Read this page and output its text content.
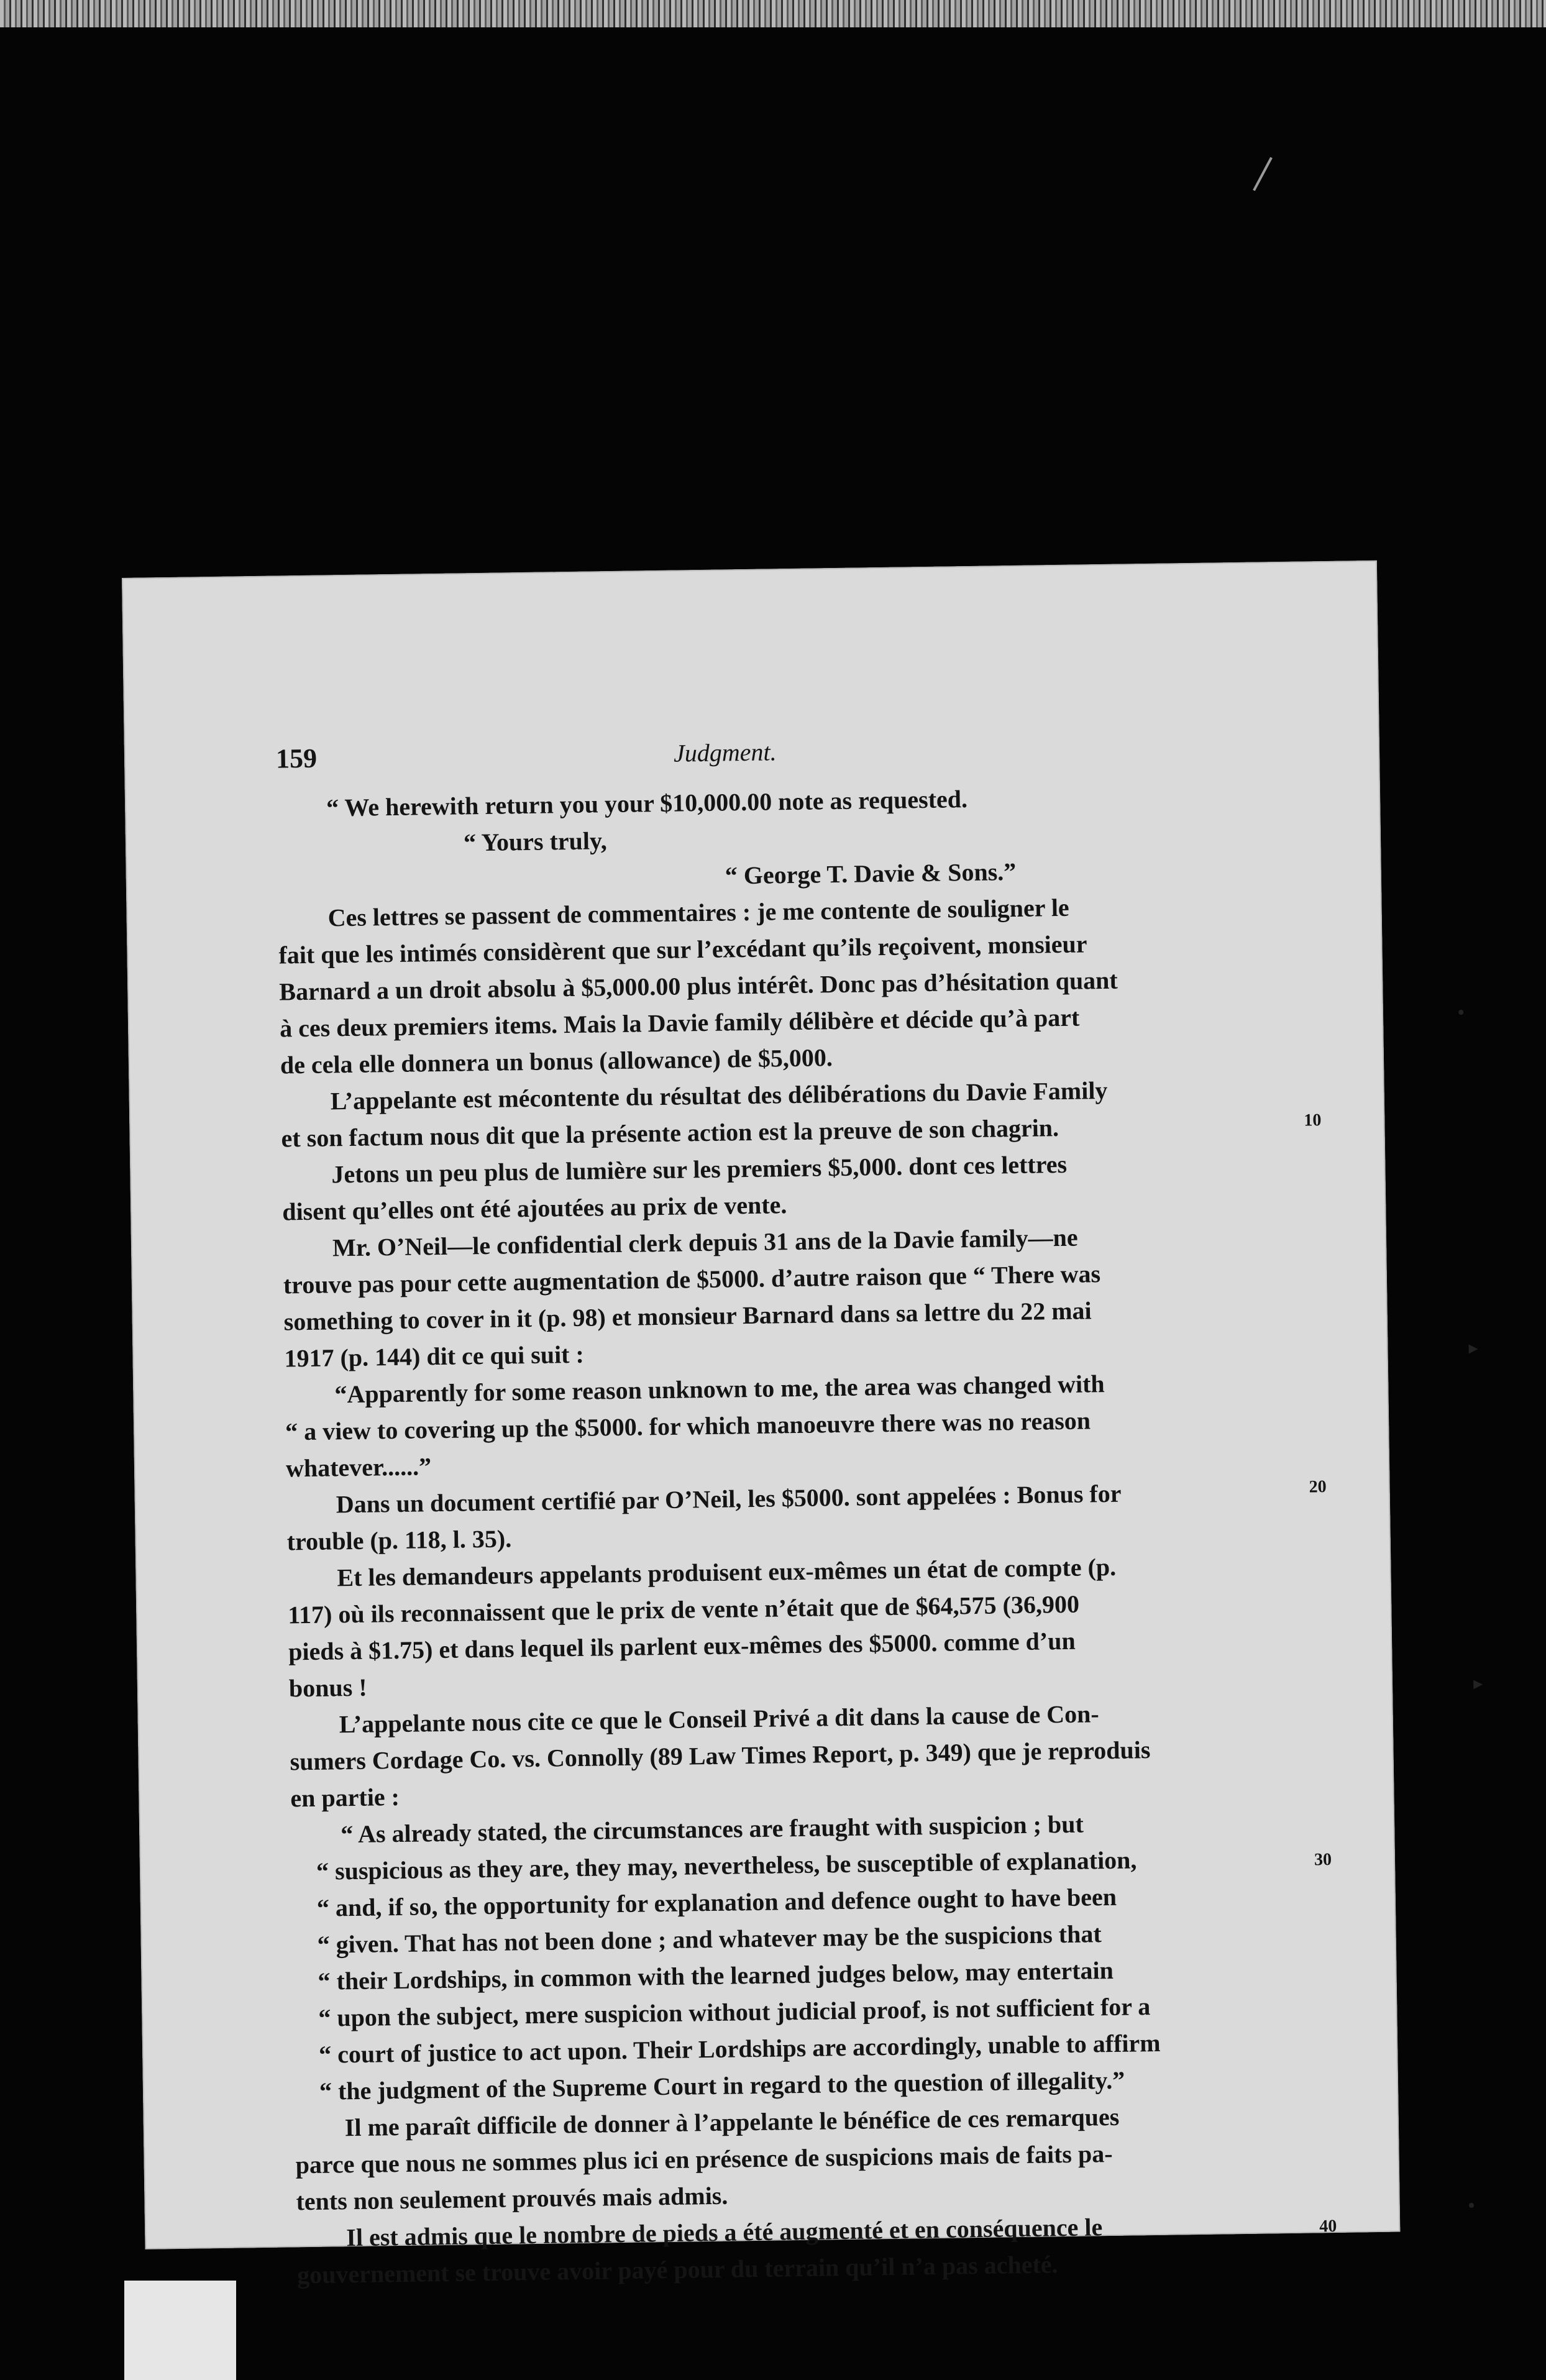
159	Judgment.
“ We herewith return you your $10,000.00 note as requested.
“ Yours truly,
“ George T. Davie & Sons.”
Ces lettres se passent de commentaires : je me contente de souligner le
fait que les intimés considèrent que sur l’excédant qu’ils reçoivent, monsieur
Barnard a un droit absolu à $5,000.00 plus intérêt. Donc pas d’hésitation quant
à ces deux premiers items. Mais la Davie family délibère et décide qu’à part
de cela elle donnera un bonus (allowance) de $5,000.
L’appelante est mécontente du résultat des délibérations du Davie Family
et son factum nous dit que la présente action est la preuve de son chagrin.
Jetons un peu plus de lumière sur les premiers $5,000. dont ces lettres
disent qu’elles ont été ajoutées au prix de vente.
Mr. O’Neil—le confidential clerk depuis 31 ans de la Davie family—ne
trouve pas pour cette augmentation de $5000. d’autre raison que “ There was
something to cover in it (p. 98) et monsieur Barnard dans sa lettre du 22 mai
1917 (p. 144) dit ce qui suit :
“Apparently for some reason unknown to me, the area was changed with
“ a view to covering up the $5000. for which manoeuvre there was no reason
whatever......”
Dans un document certifié par O’Neil, les $5000. sont appelées : Bonus for
trouble (p. 118, l. 35).
Et les demandeurs appelants produisent eux-mêmes un état de compte (p.
117) où ils reconnaissent que le prix de vente n’était que de $64,575 (36,900
pieds à $1.75) et dans lequel ils parlent eux-mêmes des $5000. comme d’un
bonus !
L’appelante nous cite ce que le Conseil Privé a dit dans la cause de Con-
sumers Cordage Co. vs. Connolly (89 Law Times Report, p. 349) que je reproduis
en partie :
“ As already stated, the circumstances are fraught with suspicion ; but
“ suspicious as they are, they may, nevertheless, be susceptible of explanation,
“ and, if so, the opportunity for explanation and defence ought to have been
“ given. That has not been done ; and whatever may be the suspicions that
“ their Lordships, in common with the learned judges below, may entertain
“ upon the subject, mere suspicion without judicial proof, is not sufficient for a
“ court of justice to act upon. Their Lordships are accordingly, unable to affirm
“ the judgment of the Supreme Court in regard to the question of illegality.”
Il me paraît difficile de donner à l’appelante le bénéfice de ces remarques
parce que nous ne sommes plus ici en présence de suspicions mais de faits pa-
tents non seulement prouvés mais admis.
Il est admis que le nombre de pieds a été augmenté et en conséquence le
gouvernement se trouve avoir payé pour du terrain qu’il n’a pas acheté.
10
20
30
40
•
▸
▸
•
